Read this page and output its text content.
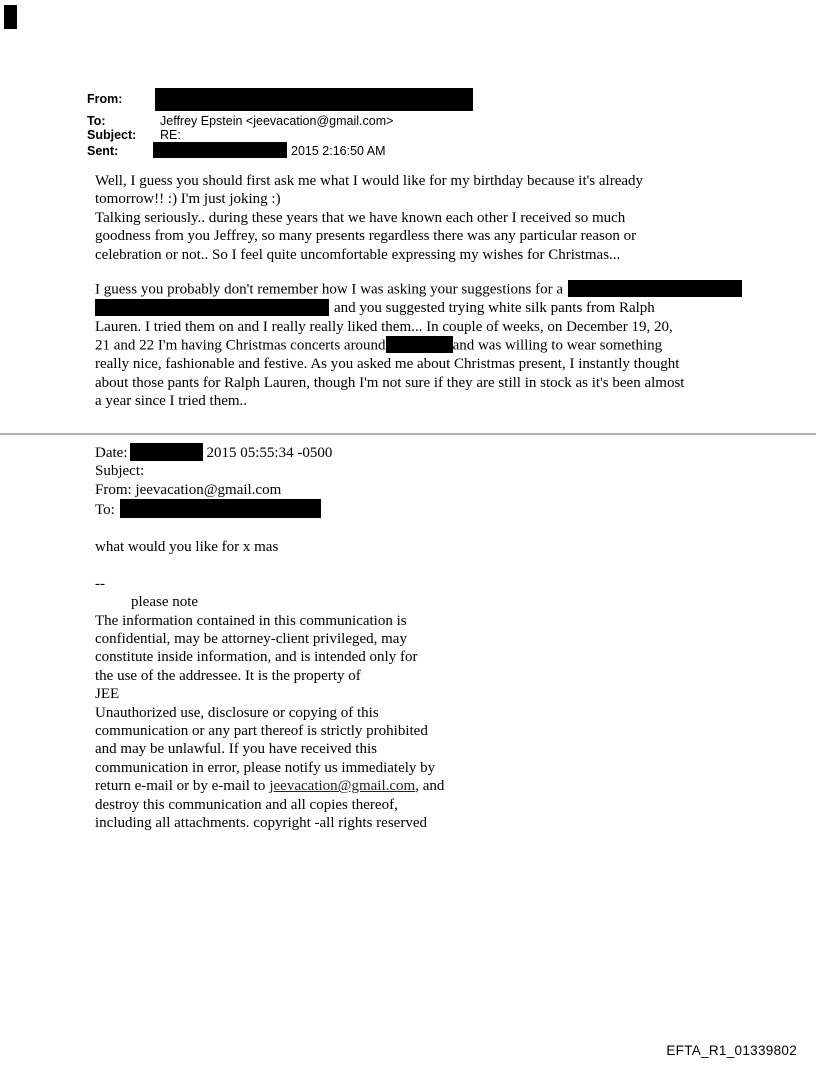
From:
To:	Jeffrey Epstein <jeevacation@gmail.com>
Subject: RE:
Sent:	2015 2:16:50 AM
Well, I guess you should first ask me what I would like for my birthday because it's already
tomorrow!! :) I'm just joking :)
Talking seriously.. during these years that we have known each other I received so much
goodness from you Jeffrey, so many presents regardless there was any particular reason or
celebration or not.. So I feel quite uncomfortable expressing my wishes for Christmas...
I guess you probably don't remember how I was asking your suggestions for a
and you suggested trying white silk pants from Ralph
Lauren. I tried them on and I really really liked them... In couple of weeks, on December 19, 20,
21 and 22 I'm having Christmas concerts around	and was willing to wear something
really nice, fashionable and festive. As you asked me about Christmas present, I instantly thought
about those pants for Ralph Lauren, though I'm not sure if they are still in stock as it's been almost
a year since I tried them..
Date:	2015 05:55:34 -0500
Subject:
From: jeevacation@gmail.com
To:
what would you like for x mas
--
please note
The information contained in this communication is
confidential, may be attorney-client privileged, may
constitute inside information, and is intended only for
the use of the addressee. It is the property of
JEE
Unauthorized use, disclosure or copying of this
communication or any part thereof is strictly prohibited
and may be unlawful. If you have received this
communication in error, please notify us immediately by
return e-mail or by e-mail to jeevacation@gmail.com, and
destroy this communication and all copies thereof,
including all attachments. copyright -all rights reserved
EFTA_R1_01339802
